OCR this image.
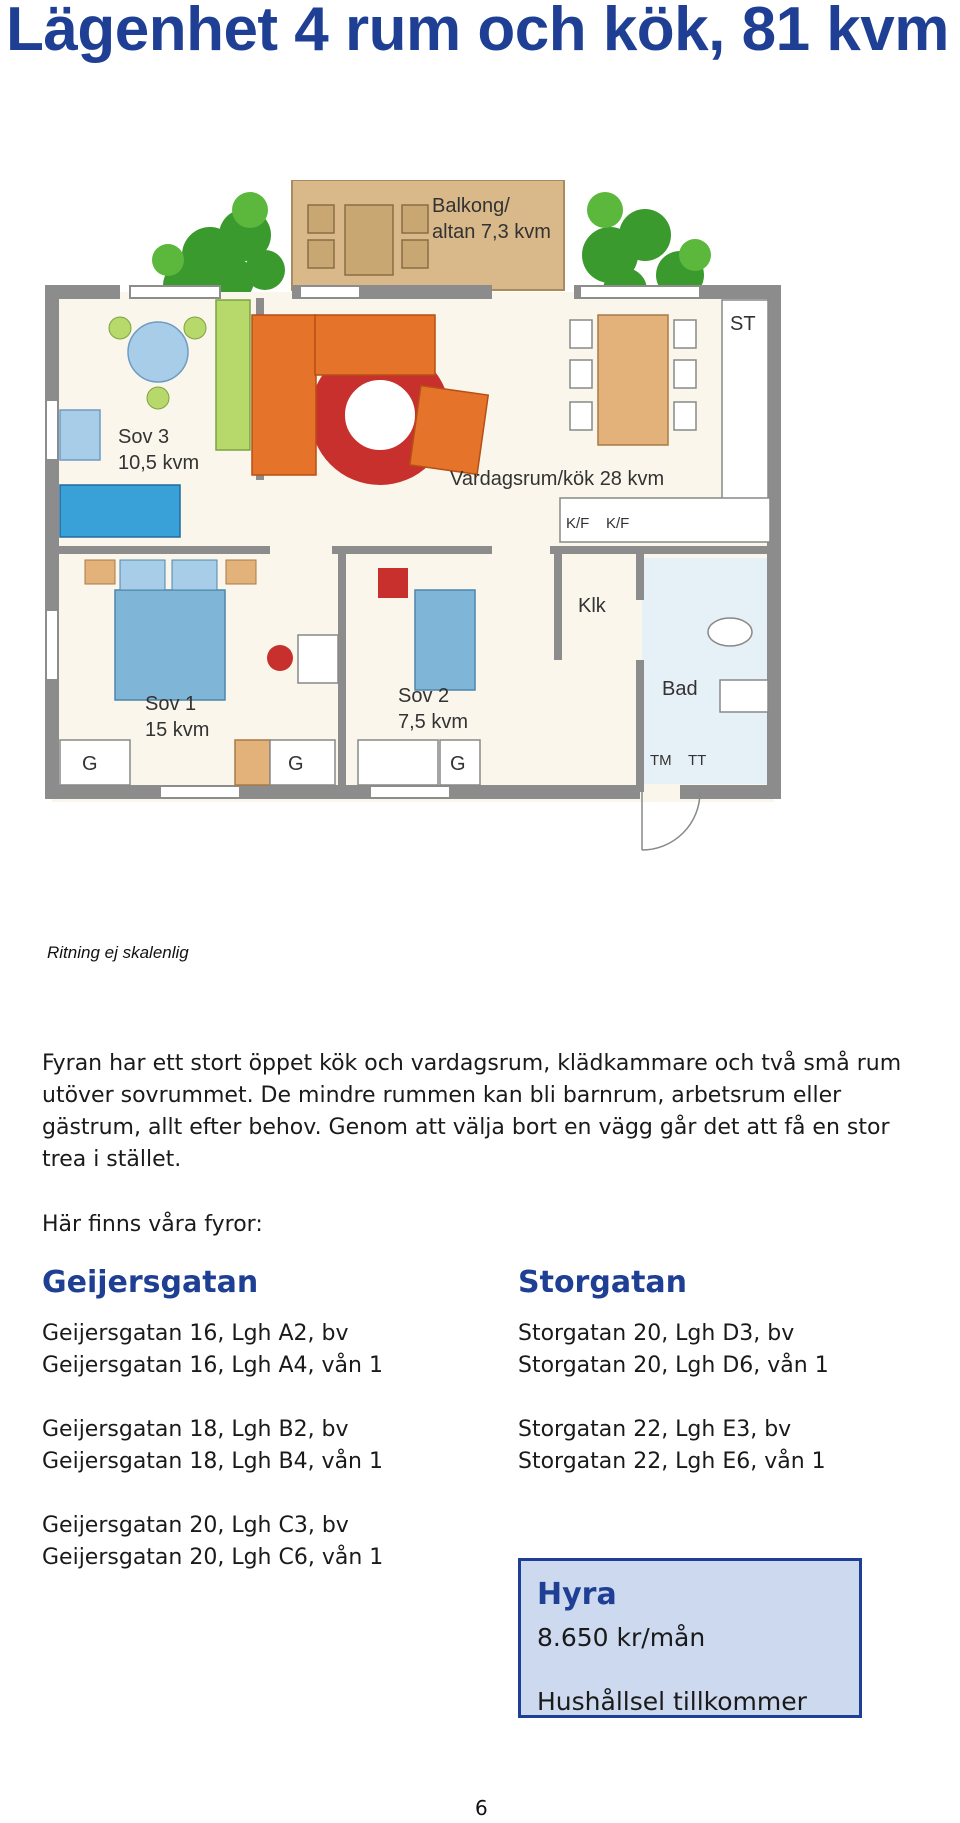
Lägenhet 4 rum och kök, 81 kvm
Balkong/
altan 7,3 kvm
Sov 3
10,5 kvm
ST
K/F K/F
Vardagsrum/kök 28 kvm
G	G
Sov 1
15 kvm
G
Sov 2
7,5 kvm
Klk
Bad
TM TT
Ritning ej skalenlig

Fyran har ett stort öppet kök och vardagsrum, klädkammare och två små rum utöver sovrummet. De mindre rummen kan bli barnrum, arbetsrum eller gästrum, allt efter behov. Genom att välja bort en vägg går det att få en stor trea i stället.

Här finns våra fyror:

Geijersgatan
Geijersgatan 16, Lgh A2, bv
Geijersgatan 16, Lgh A4, vån 1
Geijersgatan 18, Lgh B2, bv
Geijersgatan 18, Lgh B4, vån 1
Geijersgatan 20, Lgh C3, bv
Geijersgatan 20, Lgh C6, vån 1
Storgatan
Storgatan 20, Lgh D3, bv
Storgatan 20, Lgh D6, vån 1
Storgatan 22, Lgh E3, bv
Storgatan 22, Lgh E6, vån 1
Hyra
8.650 kr/mån
Hushållsel tillkommer
6
